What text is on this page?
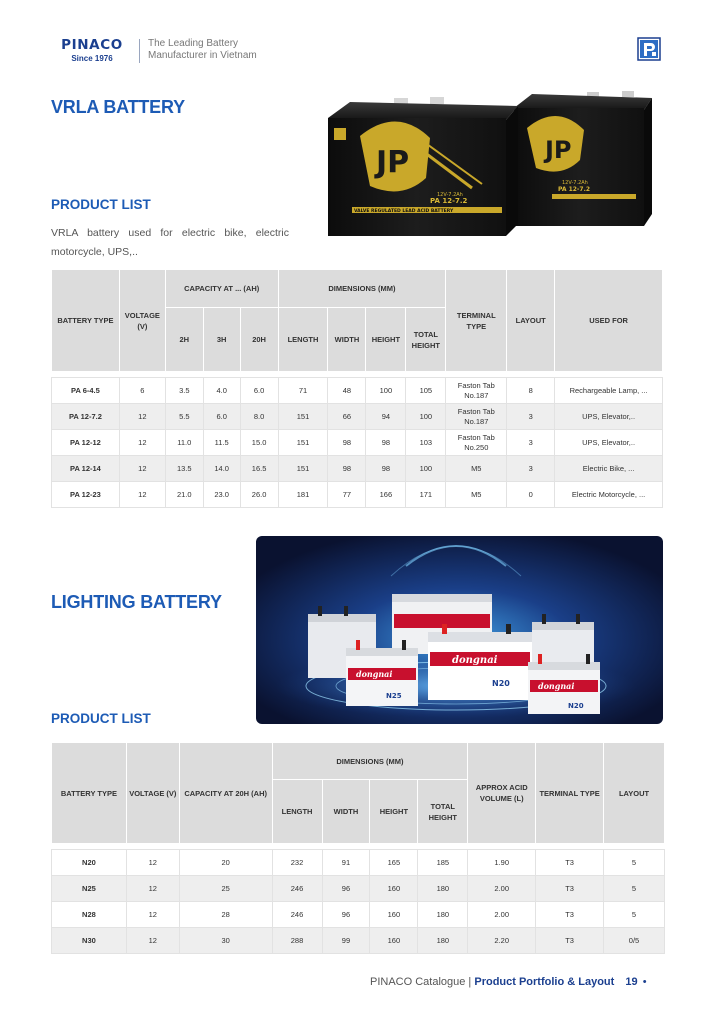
PINACO
Since 1976
The Leading Battery
Manufacturer in Vietnam
VRLA BATTERY
PRODUCT LIST
VRLA battery used for electric bike, electric motorcycle, UPS,..
JP
12V-7.2Ah
PA 12-7.2
JP
12V-7.2Ah
PA 12-7.2
VALVE REGULATED LEAD ACID BATTERY
BATTERY TYPE	VOLTAGE (V)	CAPACITY AT ... (AH)			DIMENSIONS (MM)				TERMINAL TYPE	LAYOUT	USED FOR
		2H	3H	20H	LENGTH	WIDTH	HEIGHT	TOTAL HEIGHT			

PA 6-4.5	6	3.5	4.0	6.0	71	48	100	105	Faston Tab No.187	8	Rechargeable Lamp, ...
PA 12-7.2	12	5.5	6.0	8.0	151	66	94	100	Faston Tab No.187	3	UPS, Elevator,..
PA 12-12	12	11.0	11.5	15.0	151	98	98	103	Faston Tab No.250	3	UPS, Elevator,..
PA 12-14	12	13.5	14.0	16.5	151	98	98	100	M5	3	Electric Bike, ...
PA 12-23	12	21.0	23.0	26.0	181	77	166	171	M5	0	Electric Motorcycle, ...
dongnai
N20
dongnai
N25
dongnai
N20
LIGHTING BATTERY
PRODUCT LIST
BATTERY TYPE	VOLTAGE (V)	CAPACITY AT 20H (AH)	DIMENSIONS (MM)				APPROX ACID VOLUME (L)	TERMINAL TYPE	LAYOUT
			LENGTH	WIDTH	HEIGHT	TOTAL HEIGHT			

N20	12	20	232	91	165	185	1.90	T3	5
N25	12	25	246	96	160	180	2.00	T3	5
N28	12	28	246	96	160	180	2.00	T3	5
N30	12	30	288	99	160	180	2.20	T3	0/5
PINACO Catalogue | Product Portfolio & Layout 19 •
